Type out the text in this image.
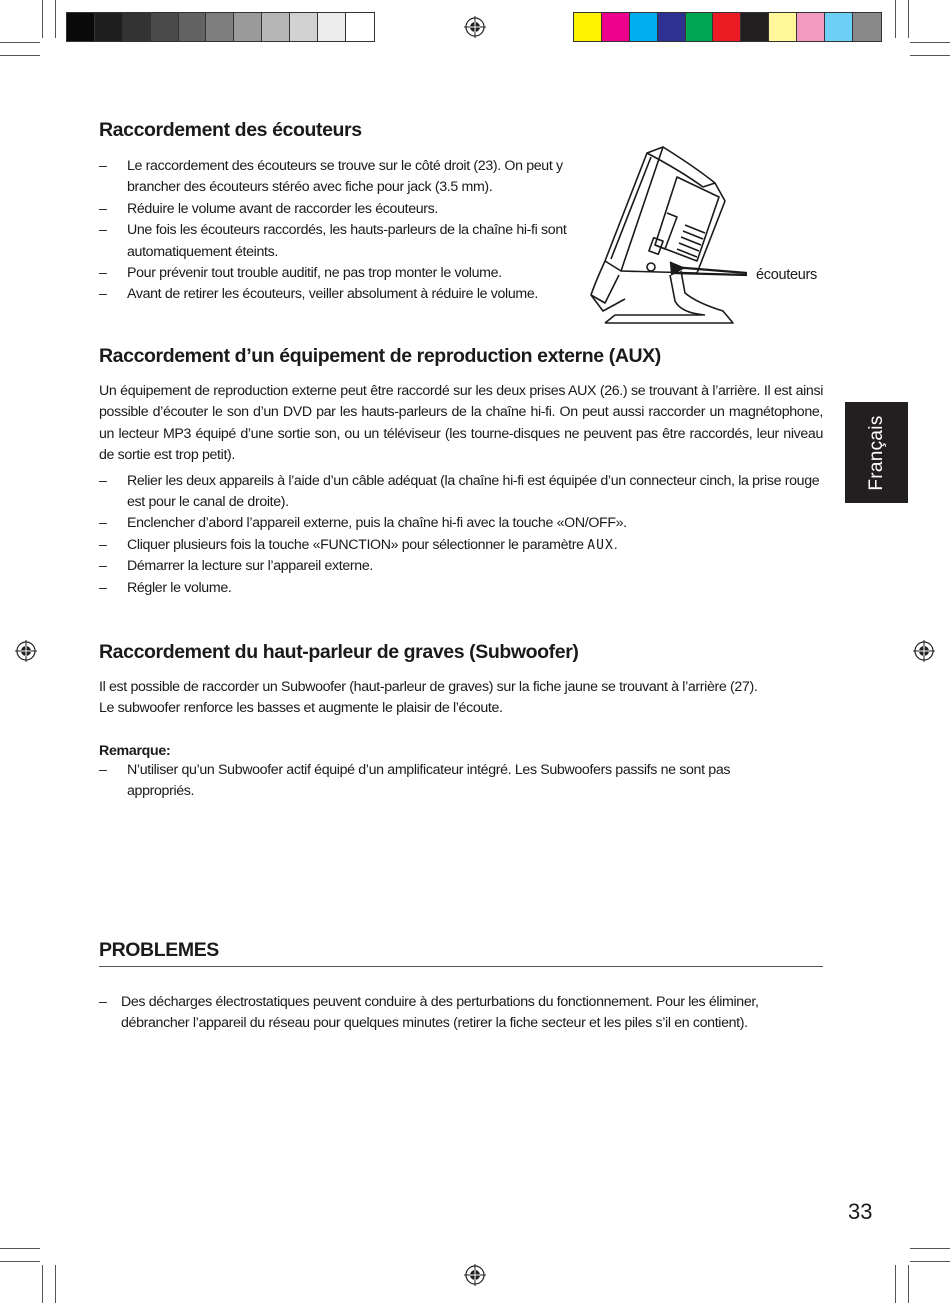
Raccordement des écouteurs
– Le raccordement des écouteurs se trouve sur le côté droit (23). On peut y brancher des écouteurs stéréo avec fiche pour jack (3.5 mm).
– Réduire le volume avant de raccorder les écouteurs.
– Une fois les écouteurs raccordés, les hauts-parleurs de la chaîne hi-fi sont automatiquement éteints.
– Pour prévenir tout trouble auditif, ne pas trop monter le volume.
– Avant de retirer les écouteurs, veiller absolument à réduire le volume.
écouteurs
Raccordement d’un équipement de reproduction externe (AUX)

Un équipement de reproduction externe peut être raccordé sur les deux prises AUX (26.) se trouvant à l’arrière. Il est ainsi possible d’écouter le son d’un DVD par les hauts-parleurs de la chaîne hi-fi. On peut aussi raccorder un magnétophone, un lecteur MP3 équipé d’une sortie son, ou un téléviseur (les tourne-disques ne peuvent pas être raccordés, leur niveau de sortie est trop petit).

– Relier les deux appareils à l’aide d’un câble adéquat (la chaîne hi-fi est équipée d’un connecteur cinch, la prise rouge est pour le canal de droite).
– Enclencher d’abord l’appareil externe, puis la chaîne hi-fi avec la touche «ON/OFF».
– Cliquer plusieurs fois la touche «FUNCTION» pour sélectionner le paramètre AUX.
– Démarrer la lecture sur l’appareil externe.
– Régler le volume.
Français
Raccordement du haut-parleur de graves (Subwoofer)

Il est possible de raccorder un Subwoofer (haut-parleur de graves) sur la fiche jaune se trouvant à l’arrière (27).

Le subwoofer renforce les basses et augmente le plaisir de l’écoute.

Remarque:
– N’utiliser qu’un Subwoofer actif équipé d’un amplificateur intégré. Les Subwoofers passifs ne sont pas appropriés.
PROBLEMES
– Des décharges électrostatiques peuvent conduire à des perturbations du fonctionnement. Pour les éliminer, débrancher l’appareil du réseau pour quelques minutes (retirer la fiche secteur et les piles s’il en contient).
33
